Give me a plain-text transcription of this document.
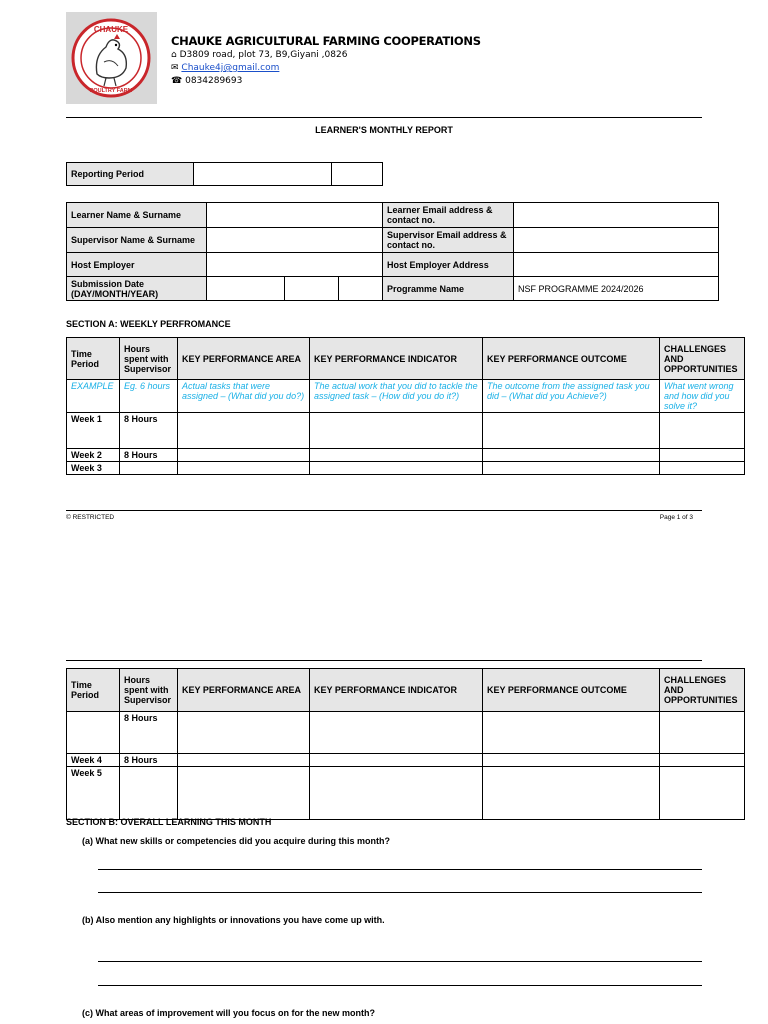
CHAUKE
POULTRY FARM
CHAUKE AGRICULTURAL FARMING COOPERATIONS
⌂ D3809 road, plot 73, B9,Giyani ,0826
✉ Chauke4j@gmail.com
☎ 0834289693
LEARNER'S MONTHLY REPORT
Reporting Period		
Learner Name & Surname				Learner Email address & contact no.	
Supervisor Name & Surname				Supervisor Email address & contact no.	
Host Employer				Host Employer Address	
Submission Date (DAY/MONTH/YEAR)				Programme Name	NSF PROGRAMME 2024/2026
SECTION A: WEEKLY PERFROMANCE
Time Period	Hours spent with Supervisor	KEY PERFORMANCE AREA	KEY PERFORMANCE INDICATOR	KEY PERFORMANCE OUTCOME	CHALLENGES AND OPPORTUNITIES
EXAMPLE	Eg. 6 hours	Actual tasks that were assigned – (What did you do?)	The actual work that you did to tackle the assigned task – (How did you do it?)	The outcome from the assigned task you did – (What did you Achieve?)	What went wrong and how did you solve it?
Week 1	8 Hours				
Week 2	8 Hours				
Week 3					
© RESTRICTED	Page 1 of 3
Time Period	Hours spent with Supervisor	KEY PERFORMANCE AREA	KEY PERFORMANCE INDICATOR	KEY PERFORMANCE OUTCOME	CHALLENGES AND OPPORTUNITIES
	8 Hours				
Week 4	8 Hours				
Week 5					
SECTION B: OVERALL LEARNING THIS MONTH
(a) What new skills or competencies did you acquire during this month?
(b) Also mention any highlights or innovations you have come up with.
(c) What areas of improvement will you focus on for the new month?
